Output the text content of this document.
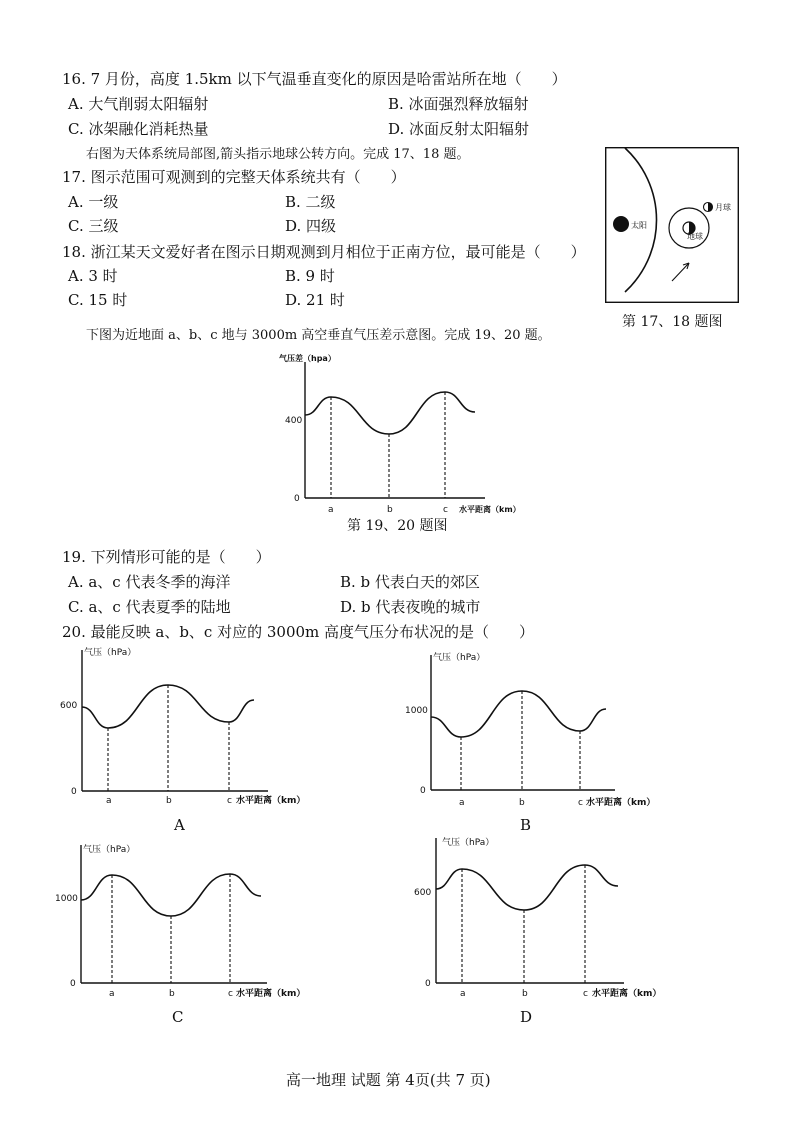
16. 7 月份，高度 1.5km 以下气温垂直变化的原因是哈雷站所在地（　　）
A. 大气削弱太阳辐射	B. 冰面强烈释放辐射
C. 冰架融化消耗热量	D. 冰面反射太阳辐射
右图为天体系统局部图,箭头指示地球公转方向。完成 17、18 题。
17. 图示范围可观测到的完整天体系统共有（　　）
A. 一级	B. 二级
C. 三级	D. 四级
18. 浙江某天文爱好者在图示日期观测到月相位于正南方位，最可能是（　　）
A. 3 时	B. 9 时
C. 15 时	D. 21 时
太阳
地球
月球
第 17、18 题图
下图为近地面 a、b、c 地与 3000m 高空垂直气压差示意图。完成 19、20 题。
气压差（hpa）
400
0
a	b	c 水平距离（km）
第 19、20 题图
19. 下列情形可能的是（　　）
A. a、c 代表冬季的海洋	B. b 代表白天的郊区
C. a、c 代表夏季的陆地	D. b 代表夜晚的城市
20. 最能反映 a、b、c 对应的 3000m 高度气压分布状况的是（　　）
气压（hPa）
600
0
a	b	c 水平距离（km）
A
气压（hPa）
1000
0
a	b	c 水平距离（km）
B
气压（hPa）
1000
0
a	b	c 水平距离（km）
C
气压（hPa）
600
0
a	b	c 水平距离（km）
D
高一地理 试题 第 4页(共 7 页)
